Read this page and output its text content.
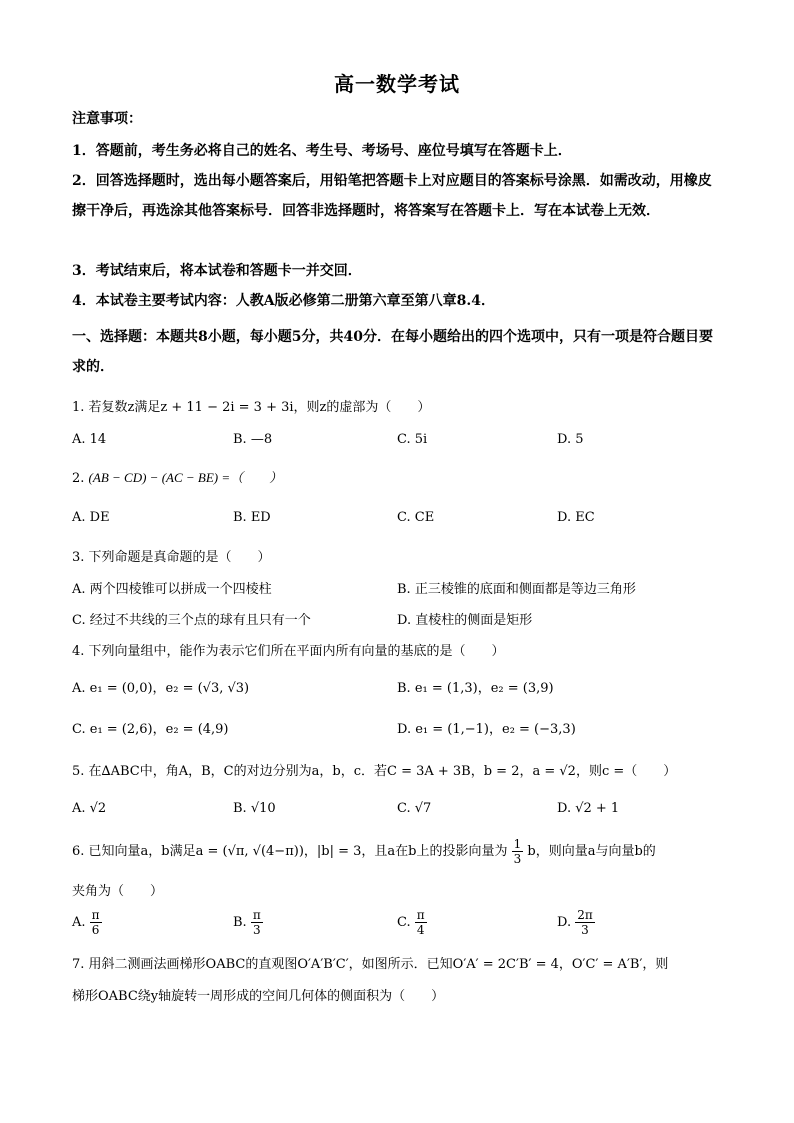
高一数学考试
注意事项：
1．答题前，考生务必将自己的姓名、考生号、考场号、座位号填写在答题卡上．
2．回答选择题时，选出每小题答案后，用铅笔把答题卡上对应题目的答案标号涂黑．如需改动，用橡皮擦干净后，再选涂其他答案标号．回答非选择题时，将答案写在答题卡上．写在本试卷上无效．
3．考试结束后，将本试卷和答题卡一并交回．
4．本试卷主要考试内容：人教A版必修第二册第六章至第八章8.4．
一、选择题：本题共8小题，每小题5分，共40分．在每小题给出的四个选项中，只有一项是符合题目要求的．
1. 若复数z满足z + 11 − 2i = 3 + 3i，则z的虚部为（　　）
A. 14	B. —8	C. 5i	D. 5
2. (AB − CD) − (AC − BE) =（　　）
A. DE	B. ED	C. CE	D. EC
3. 下列命题是真命题的是（　　）
A. 两个四棱锥可以拼成一个四棱柱	B. 正三棱锥的底面和侧面都是等边三角形
C. 经过不共线的三个点的球有且只有一个	D. 直棱柱的侧面是矩形
4. 下列向量组中，能作为表示它们所在平面内所有向量的基底的是（　　）
A. e₁ = (0,0)，e₂ = (√3, √3)	B. e₁ = (1,3)，e₂ = (3,9)
C. e₁ = (2,6)，e₂ = (4,9)	D. e₁ = (1,−1)，e₂ = (−3,3)
5. 在∆ABC中，角A，B，C的对边分别为a，b，c．若C = 3A + 3B，b = 2，a = √2，则c =（　　）
A. √2	B. √10	C. √7	D. √2 + 1
6. 已知向量a，b满足a = (√π, √(4−π))，|b| = 3，且a在b上的投影向量为 $\frac{1}{3}$ b，则向量a与向量b的
夹角为（　　）
A. $\frac{\pi}{6}$	B. $\frac{\pi}{3}$	C. $\frac{\pi}{4}$	D. $\frac{2\pi}{3}$
7. 用斜二测画法画梯形OABC的直观图O′A′B′C′，如图所示．已知O′A′ = 2C′B′ = 4，O′C′ = A′B′，则
梯形OABC绕y轴旋转一周形成的空间几何体的侧面积为（　　）
